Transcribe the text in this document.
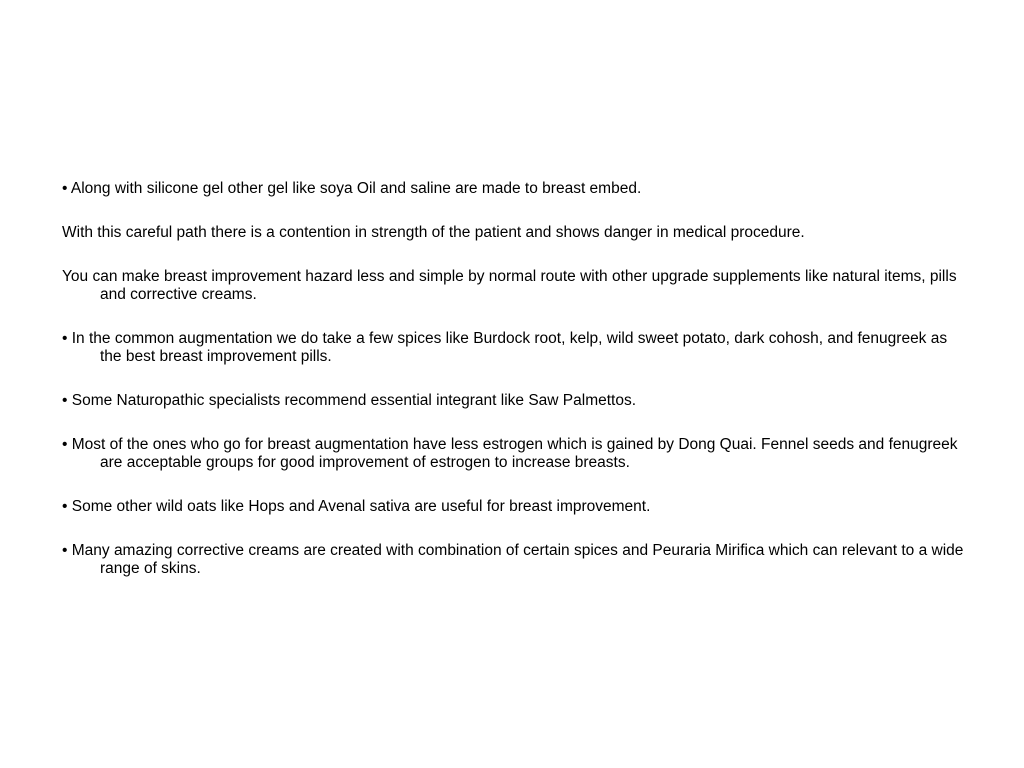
• Along with silicone gel other gel like soya Oil and saline are made to breast embed.

With this careful path there is a contention in strength of the patient and shows danger in medical procedure.

You can make breast improvement hazard less and simple by normal route with other upgrade supplements like natural items, pills and corrective creams.

• In the common augmentation we do take a few spices like Burdock root, kelp, wild sweet potato, dark cohosh, and fenugreek as the best breast improvement pills.

• Some Naturopathic specialists recommend essential integrant like Saw Palmettos.

• Most of the ones who go for breast augmentation have less estrogen which is gained by Dong Quai. Fennel seeds and fenugreek are acceptable groups for good improvement of estrogen to increase breasts.

• Some other wild oats like Hops and Avenal sativa are useful for breast improvement.

• Many amazing corrective creams are created with combination of certain spices and Peuraria Mirifica which can relevant to a wide range of skins.
